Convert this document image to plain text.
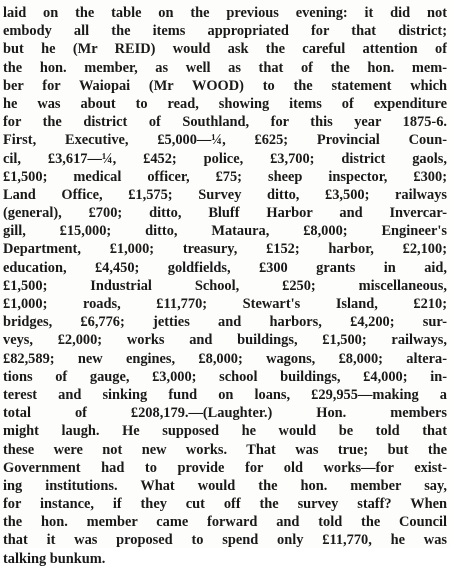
laid on the table on the previous evening: it did not
embody all the items appropriated for that district;
but he (Mr REID) would ask the careful attention of
the hon. member, as well as that of the hon. mem-
ber for Waiopai (Mr WOOD) to the statement which
he was about to read, showing items of expenditure
for the district of Southland, for this year 1875-6.
First, Executive, £5,000—¼, £625; Provincial Coun-
cil, £3,617—¼, £452; police, £3,700; district gaols,
£1,500; medical officer, £75; sheep inspector, £300;
Land Office, £1,575; Survey ditto, £3,500; railways
(general), £700; ditto, Bluff Harbor and Invercar-
gill, £15,000; ditto, Mataura, £8,000; Engineer's
Department, £1,000; treasury, £152; harbor, £2,100;
education, £4,450; goldfields, £300 grants in aid,
£1,500; Industrial School, £250; miscellaneous,
£1,000; roads, £11,770; Stewart's Island, £210;
bridges, £6,776; jetties and harbors, £4,200; sur-
veys, £2,000; works and buildings, £1,500; railways,
£82,589; new engines, £8,000; wagons, £8,000; altera-
tions of gauge, £3,000; school buildings, £4,000; in-
terest and sinking fund on loans, £29,955—making a
total of £208,179.—(Laughter.) Hon. members
might laugh. He supposed he would be told that
these were not new works. That was true; but the
Government had to provide for old works—for exist-
ing institutions. What would the hon. member say,
for instance, if they cut off the survey staff? When
the hon. member came forward and told the Council
that it was proposed to spend only £11,770, he was
talking bunkum.
